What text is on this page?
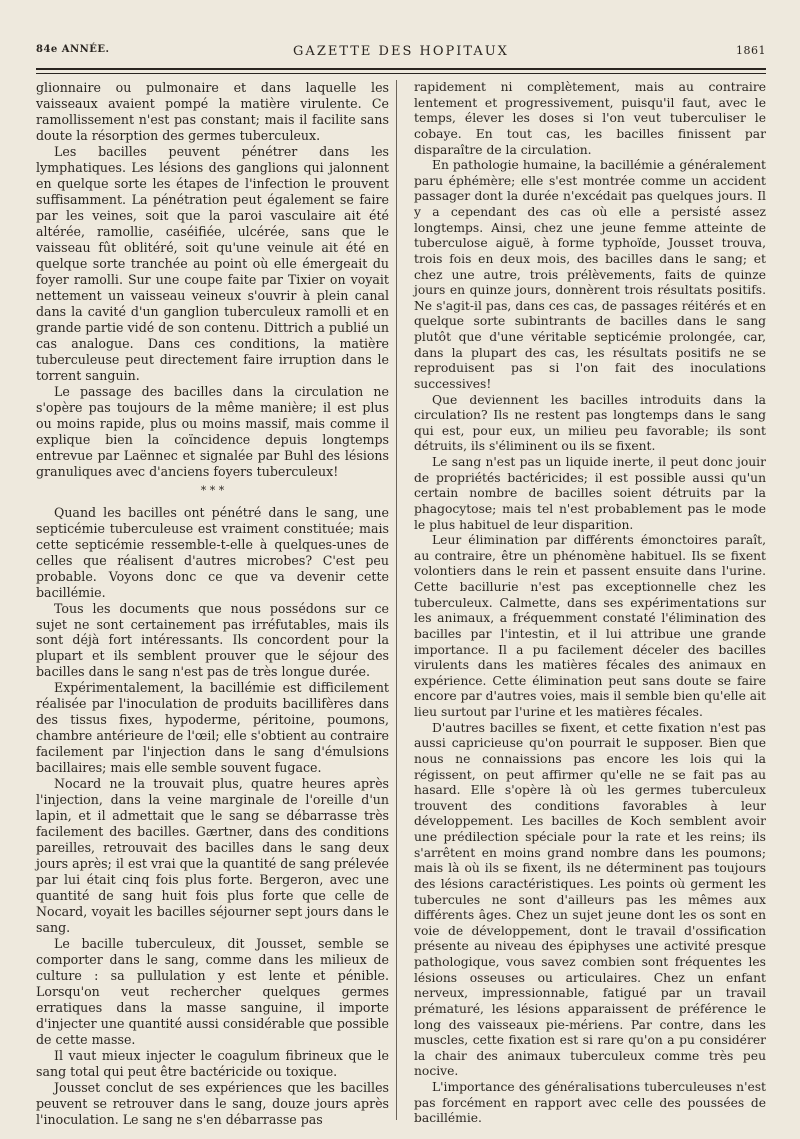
84e ANNÉE.	GAZETTE DES HOPITAUX	1861

glionnaire ou pulmonaire et dans laquelle les vaisseaux avaient pompé la matière virulente. Ce ramollissement n'est pas constant; mais il facilite sans doute la résorption des germes tuberculeux.

Les bacilles peuvent pénétrer dans les lymphatiques. Les lésions des ganglions qui jalonnent en quelque sorte les étapes de l'infection le prouvent suffisamment. La pénétration peut également se faire par les veines, soit que la paroi vasculaire ait été altérée, ramollie, caséifiée, ulcérée, sans que le vaisseau fût oblitéré, soit qu'une veinule ait été en quelque sorte tranchée au point où elle émergeait du foyer ramolli. Sur une coupe faite par Tixier on voyait nettement un vaisseau veineux s'ouvrir à plein canal dans la cavité d'un ganglion tuberculeux ramolli et en grande partie vidé de son contenu. Dittrich a publié un cas analogue. Dans ces conditions, la matière tuberculeuse peut directement faire irruption dans le torrent sanguin.

Le passage des bacilles dans la circulation ne s'opère pas toujours de la même manière; il est plus ou moins rapide, plus ou moins massif, mais comme il explique bien la coïncidence depuis longtemps entrevue par Laënnec et signalée par Buhl des lésions granuliques avec d'anciens foyers tuberculeux!

* * *

Quand les bacilles ont pénétré dans le sang, une septicémie tuberculeuse est vraiment constituée; mais cette septicémie ressemble-t-elle à quelques-unes de celles que réalisent d'autres microbes? C'est peu probable. Voyons donc ce que va devenir cette bacillémie.

Tous les documents que nous possédons sur ce sujet ne sont certainement pas irréfutables, mais ils sont déjà fort intéressants. Ils concordent pour la plupart et ils semblent prouver que le séjour des bacilles dans le sang n'est pas de très longue durée.

Expérimentalement, la bacillémie est difficilement réalisée par l'inoculation de produits bacillifères dans des tissus fixes, hypoderme, péritoine, poumons, chambre antérieure de l'œil; elle s'obtient au contraire facilement par l'injection dans le sang d'émulsions bacillaires; mais elle semble souvent fugace.

Nocard ne la trouvait plus, quatre heures après l'injection, dans la veine marginale de l'oreille d'un lapin, et il admettait que le sang se débarrasse très facilement des bacilles. Gærtner, dans des conditions pareilles, retrouvait des bacilles dans le sang deux jours après; il est vrai que la quantité de sang prélevée par lui était cinq fois plus forte. Bergeron, avec une quantité de sang huit fois plus forte que celle de Nocard, voyait les bacilles séjourner sept jours dans le sang.

Le bacille tuberculeux, dit Jousset, semble se comporter dans le sang, comme dans les milieux de culture : sa pullulation y est lente et pénible. Lorsqu'on veut rechercher quelques germes erratiques dans la masse sanguine, il importe d'injecter une quantité aussi considérable que possible de cette masse.

Il vaut mieux injecter le coagulum fibrineux que le sang total qui peut être bactéricide ou toxique.

Jousset conclut de ses expériences que les bacilles peuvent se retrouver dans le sang, douze jours après l'inoculation. Le sang ne s'en débarrasse pas

rapidement ni complètement, mais au contraire lentement et progressivement, puisqu'il faut, avec le temps, élever les doses si l'on veut tuberculiser le cobaye. En tout cas, les bacilles finissent par disparaître de la circulation.

En pathologie humaine, la bacillémie a généralement paru éphémère; elle s'est montrée comme un accident passager dont la durée n'excédait pas quelques jours. Il y a cependant des cas où elle a persisté assez longtemps. Ainsi, chez une jeune femme atteinte de tuberculose aiguë, à forme typhoïde, Jousset trouva, trois fois en deux mois, des bacilles dans le sang; et chez une autre, trois prélèvements, faits de quinze jours en quinze jours, donnèrent trois résultats positifs. Ne s'agit-il pas, dans ces cas, de passages réitérés et en quelque sorte subintrants de bacilles dans le sang plutôt que d'une véritable septicémie prolongée, car, dans la plupart des cas, les résultats positifs ne se reproduisent pas si l'on fait des inoculations successives!

Que deviennent les bacilles introduits dans la circulation? Ils ne restent pas longtemps dans le sang qui est, pour eux, un milieu peu favorable; ils sont détruits, ils s'éliminent ou ils se fixent.

Le sang n'est pas un liquide inerte, il peut donc jouir de propriétés bactéricides; il est possible aussi qu'un certain nombre de bacilles soient détruits par la phagocytose; mais tel n'est probablement pas le mode le plus habituel de leur disparition.

Leur élimination par différents émonctoires paraît, au contraire, être un phénomène habituel. Ils se fixent volontiers dans le rein et passent ensuite dans l'urine. Cette bacillurie n'est pas exceptionnelle chez les tuberculeux. Calmette, dans ses expérimentations sur les animaux, a fréquemment constaté l'élimination des bacilles par l'intestin, et il lui attribue une grande importance. Il a pu facilement déceler des bacilles virulents dans les matières fécales des animaux en expérience. Cette élimination peut sans doute se faire encore par d'autres voies, mais il semble bien qu'elle ait lieu surtout par l'urine et les matières fécales.

D'autres bacilles se fixent, et cette fixation n'est pas aussi capricieuse qu'on pourrait le supposer. Bien que nous ne connaissions pas encore les lois qui la régissent, on peut affirmer qu'elle ne se fait pas au hasard. Elle s'opère là où les germes tuberculeux trouvent des conditions favorables à leur développement. Les bacilles de Koch semblent avoir une prédilection spéciale pour la rate et les reins; ils s'arrêtent en moins grand nombre dans les poumons; mais là où ils se fixent, ils ne déterminent pas toujours des lésions caractéristiques. Les points où germent les tubercules ne sont d'ailleurs pas les mêmes aux différents âges. Chez un sujet jeune dont les os sont en voie de développement, dont le travail d'ossification présente au niveau des épiphyses une activité presque pathologique, vous savez combien sont fréquentes les lésions osseuses ou articulaires. Chez un enfant nerveux, impressionnable, fatigué par un travail prématuré, les lésions apparaissent de préférence le long des vaisseaux pie-mériens. Par contre, dans les muscles, cette fixation est si rare qu'on a pu considérer la chair des animaux tuberculeux comme très peu nocive.

L'importance des généralisations tuberculeuses n'est pas forcément en rapport avec celle des poussées de bacillémie.
